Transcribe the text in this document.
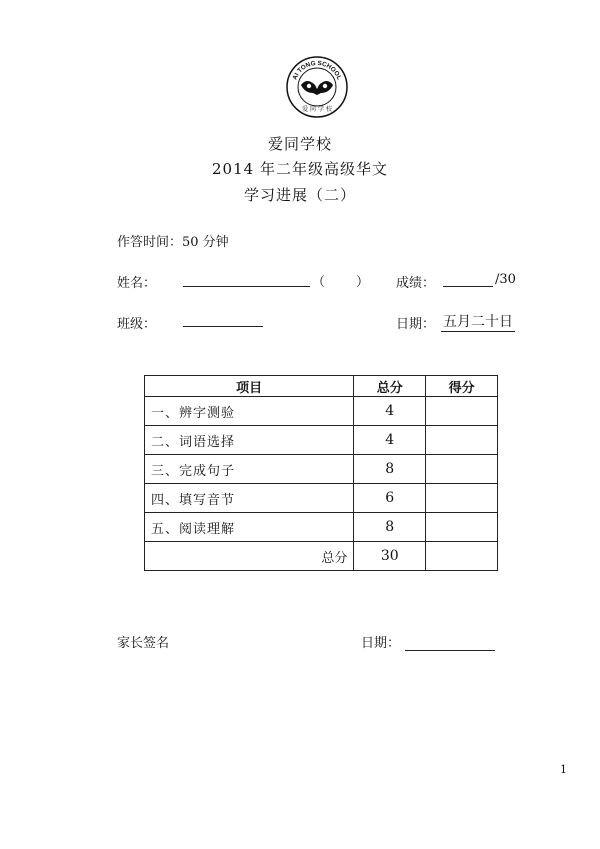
AI TONG SCHOOL
爱 同 学 校
爱同学校
2014 年二年级高级华文
学习进展（二）
作答时间：50 分钟
姓名：	（ ） 成绩：	/30
班级：	日期： 五月二十日
项目	总分	得分
一、辨字测验	4	
二、词语选择	4	
三、完成句子	8	
四、填写音节	6	
五、阅读理解	8	
总分	30	
家长签名	日期：
1
